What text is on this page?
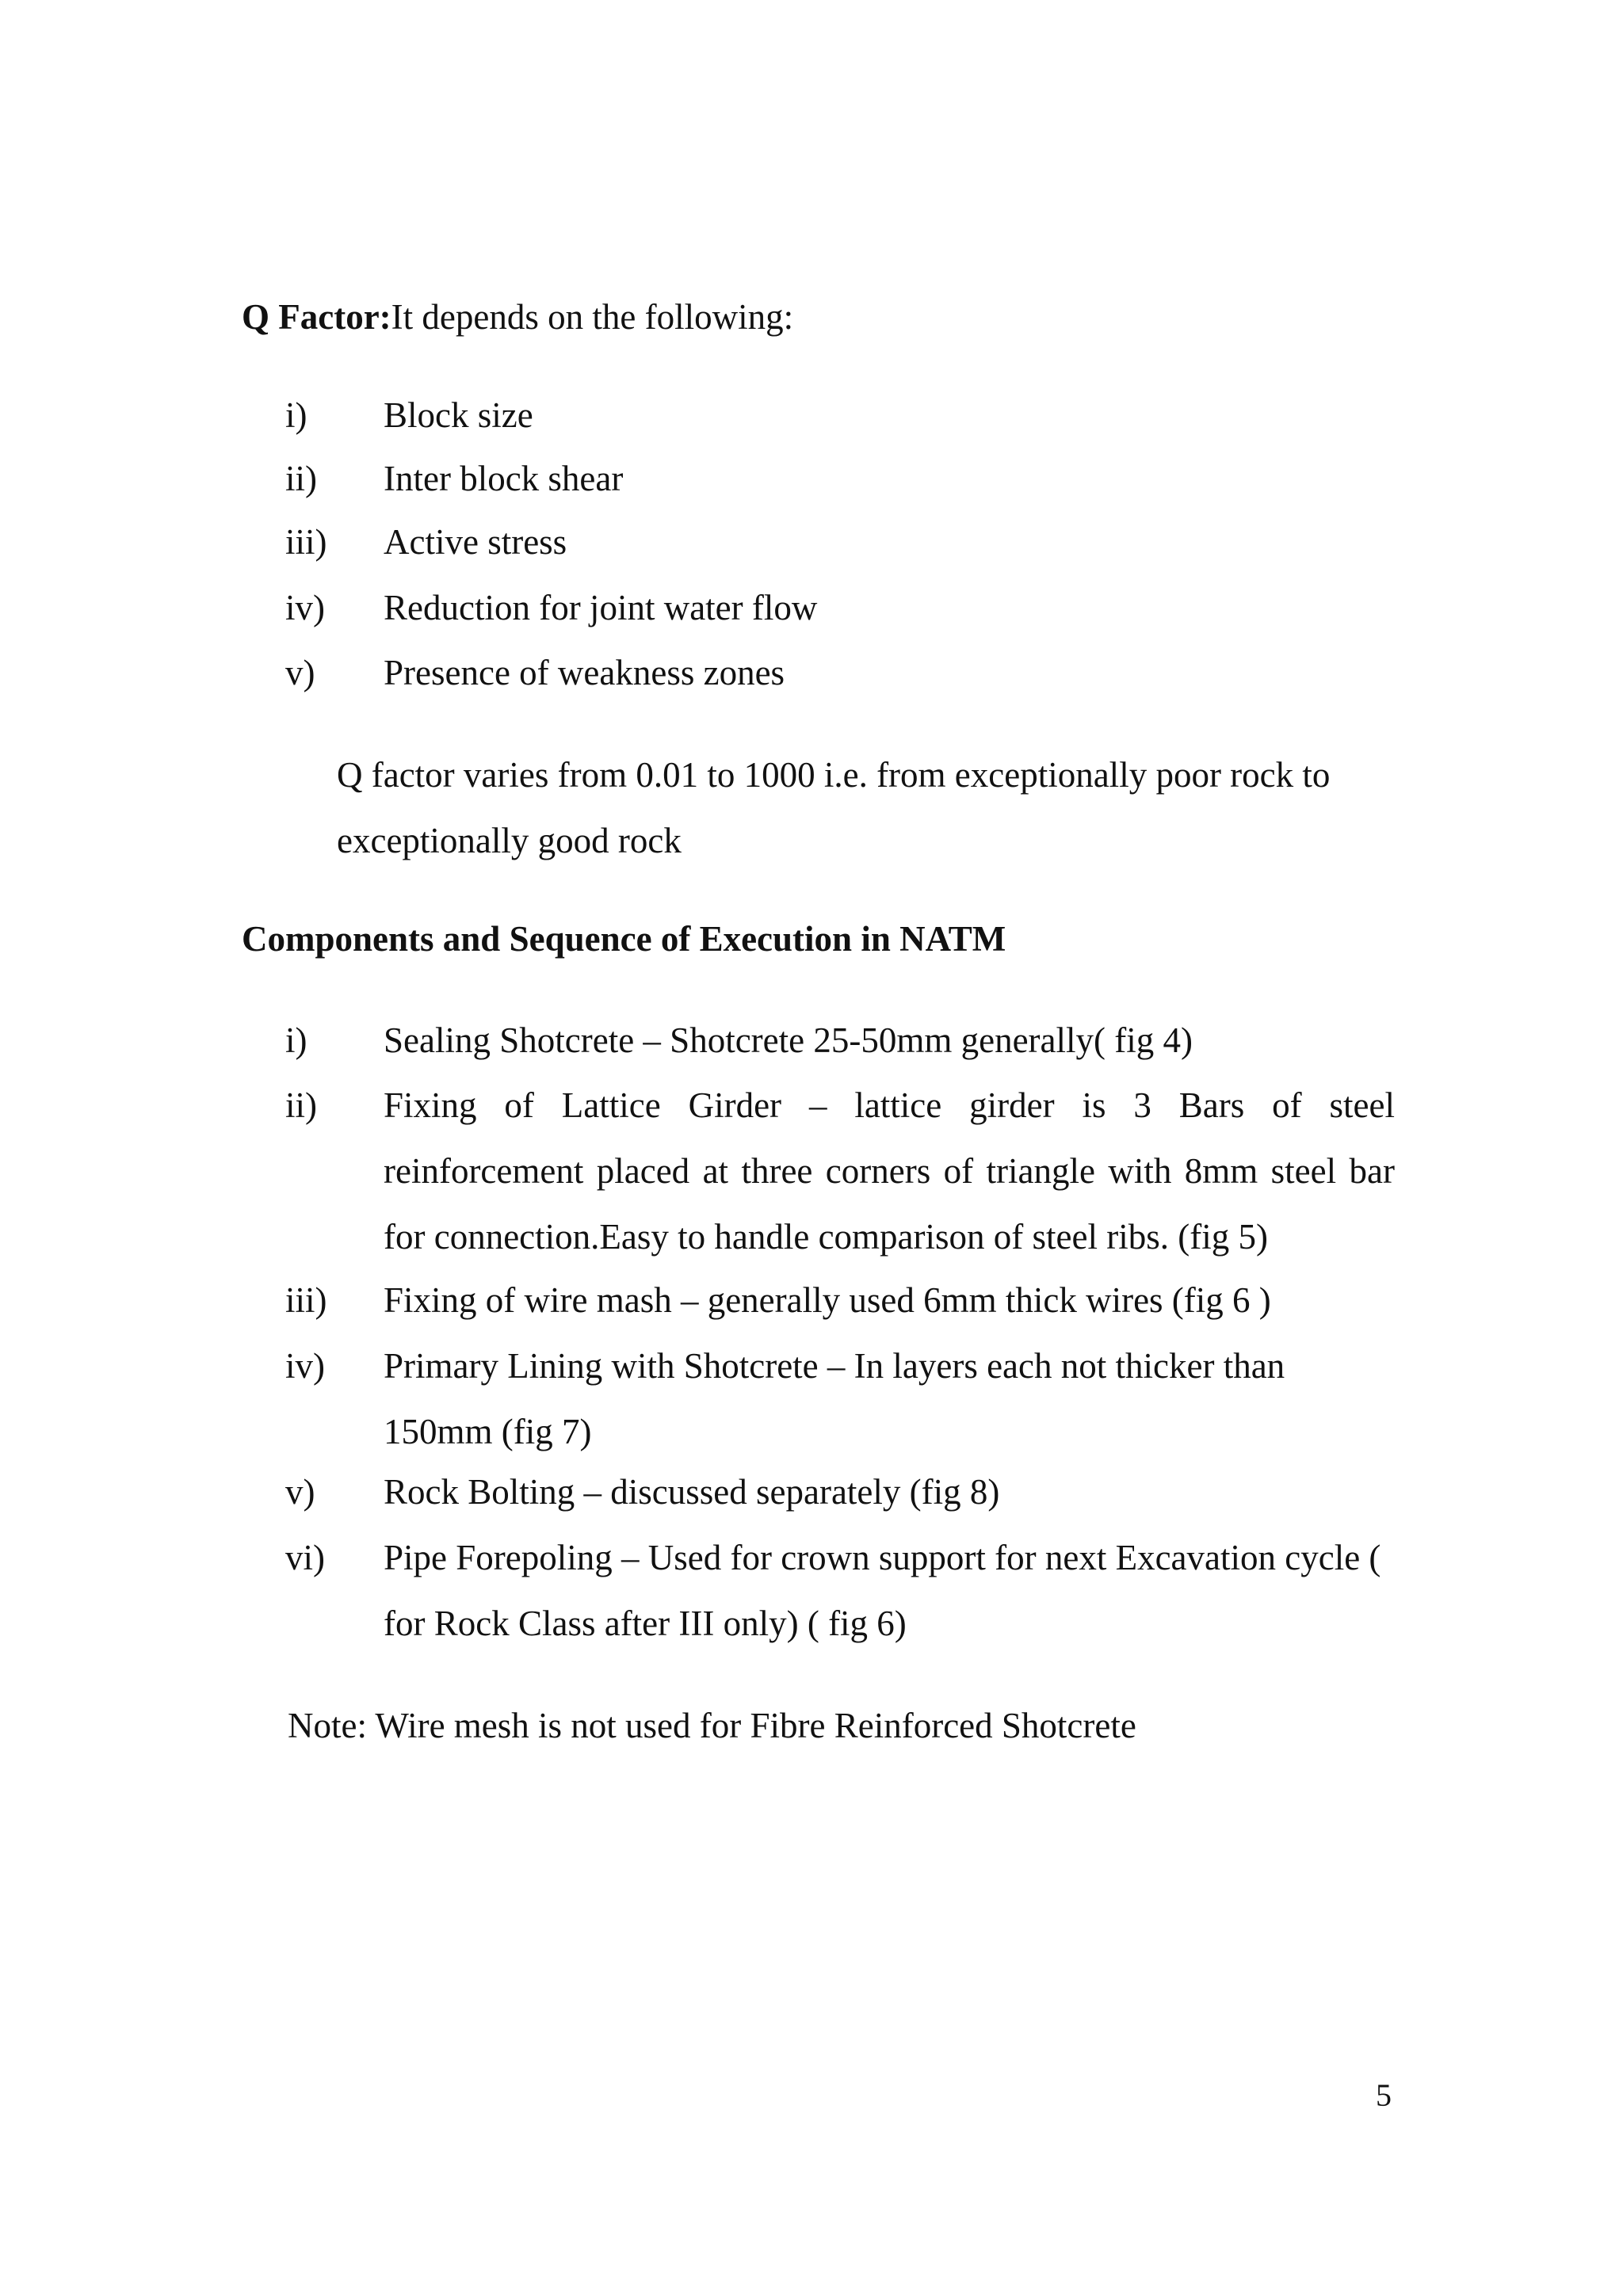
Q Factor:It depends on the following:
i)	Block size
ii)	Inter block shear
iii)	Active stress
iv)	Reduction for joint water flow
v)	Presence of weakness zones
Q factor varies from 0.01 to 1000 i.e. from exceptionally poor rock to exceptionally good rock
Components and Sequence of Execution in NATM
i)	Sealing Shotcrete – Shotcrete 25-50mm generally( fig 4)
ii)	Fixing of Lattice Girder – lattice girder is 3 Bars of steel reinforcement placed at three corners of triangle with 8mm steel bar for connection.Easy to handle comparison of steel ribs. (fig 5)
iii)	Fixing of wire mash – generally used 6mm thick wires (fig 6 )
iv)	Primary Lining with Shotcrete – In layers each not thicker than 150mm (fig 7)
v)	Rock Bolting – discussed separately (fig 8)
vi)	Pipe Forepoling – Used for crown support for next Excavation cycle ( for Rock Class after III only) ( fig 6)
Note: Wire mesh is not used for Fibre Reinforced Shotcrete
5
